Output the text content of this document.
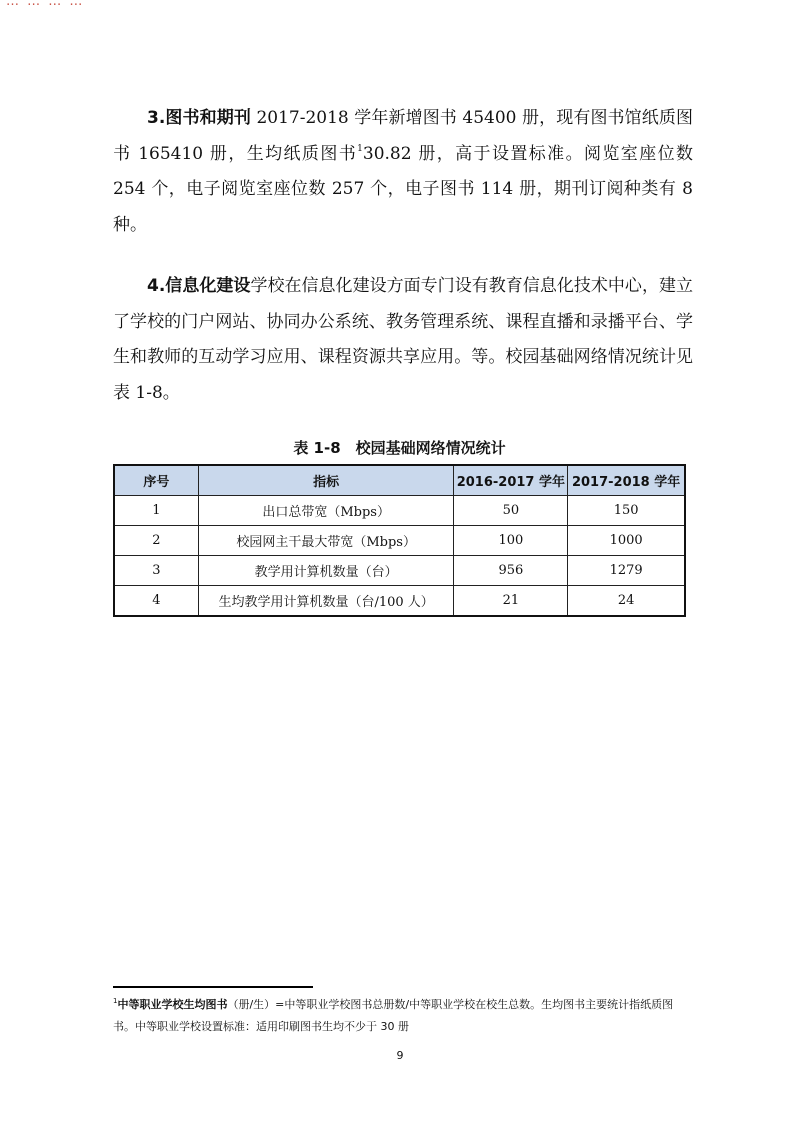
… … … …

3.图书和期刊 2017-2018 学年新增图书 45400 册，现有图书馆纸质图书 165410 册，生均纸质图书$^1$30.82 册，高于设置标准。阅览室座位数 254 个，电子阅览室座位数 257 个，电子图书 114 册，期刊订阅种类有 8 种。

4.信息化建设学校在信息化建设方面专门设有教育信息化技术中心，建立了学校的门户网站、协同办公系统、教务管理系统、课程直播和录播平台、学生和教师的互动学习应用、课程资源共享应用。等。校园基础网络情况统计见表 1-8。

表 1-8　校园基础网络情况统计
序号	指标	2016-2017 学年	2017-2018 学年
1	出口总带宽（Mbps）	50	150
2	校园网主干最大带宽（Mbps）	100	1000
3	教学用计算机数量（台）	956	1279
4	生均教学用计算机数量（台/100 人）	21	24
$^1$中等职业学校生均图书（册/生）=中等职业学校图书总册数/中等职业学校在校生总数。生均图书主要统计指纸质图书。中等职业学校设置标准：适用印刷图书生均不少于 30 册
9
